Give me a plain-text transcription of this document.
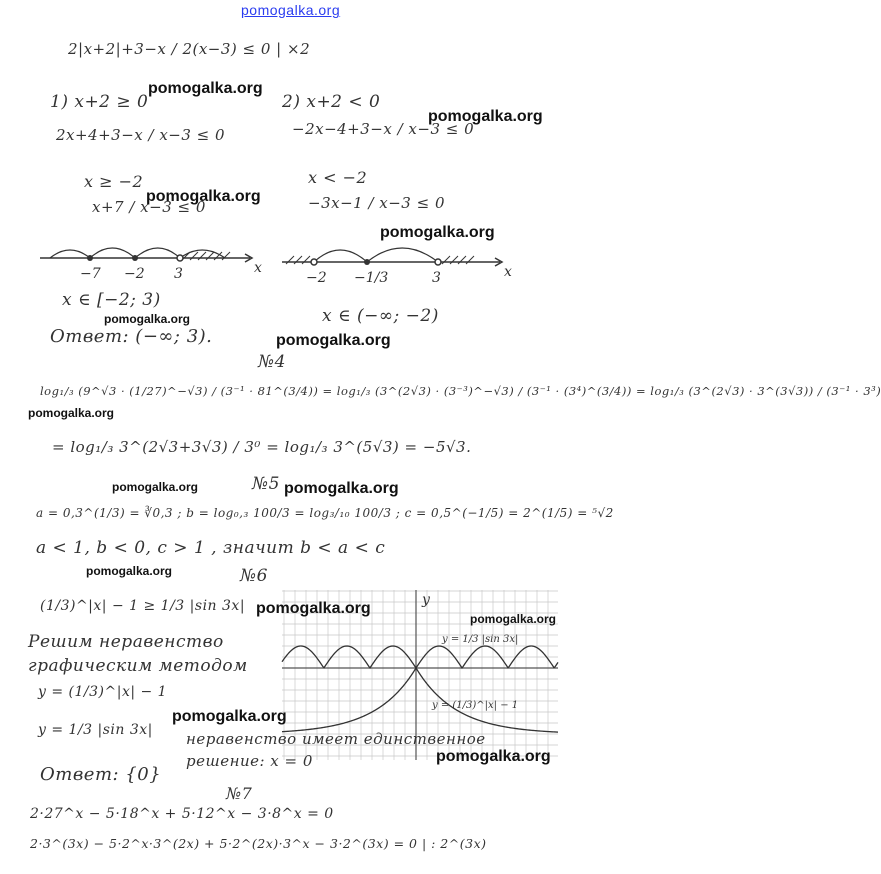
pomogalka.org
2|x+2|+3−x / 2(x−3) ≤ 0 | ×2
1) x+2 ≥ 0	2) x+2 < 0
2x+4+3−x / x−3 ≤ 0	−2x−4+3−x / x−3 ≤ 0
x ≥ −2	x < −2
x+7 / x−3 ≤ 0	−3x−1 / x−3 ≤ 0
−7 −2 3	x
−2 −1/3	3	x
x ∈ [−2; 3)
x ∈ (−∞; −2)
Ответ: (−∞; 3).
№4
log₁/₃ (9^√3 · (1/27)^−√3) / (3⁻¹ · 81^(3/4)) = log₁/₃ (3^(2√3) · (3⁻³)^−√3) / (3⁻¹ · (3⁴)^(3/4)) = log₁/₃ (3^(2√3) · 3^(3√3)) / (3⁻¹ · 3³)
= log₁/₃ 3^(2√3+3√3) / 3⁰ = log₁/₃ 3^(5√3) = −5√3.
№5
a = 0,3^(1/3) = ∛0,3 ; b = log₀,₃ 100/3 = log₃/₁₀ 100/3 ; c = 0,5^(−1/5) = 2^(1/5) = ⁵√2
a < 1, b < 0, c > 1 , значит b < a < c
№6
(1/3)^|x| − 1 ≥ 1/3 |sin 3x|
Решим неравенство
графическим методом
y = (1/3)^|x| − 1
y = 1/3 |sin 3x|
y
y = 1/3 |sin 3x|
y = (1/3)^|x| − 1
неравенство имеет единственное
решение: x = 0
Ответ: {0}
№7
2·27^x − 5·18^x + 5·12^x − 3·8^x = 0
2·3^(3x) − 5·2^x·3^(2x) + 5·2^(2x)·3^x − 3·2^(3x) = 0 | : 2^(3x)
pomogalka.org
pomogalka.org
pomogalka.org
pomogalka.org
pomogalka.org
pomogalka.org
pomogalka.org
pomogalka.org	pomogalka.org
pomogalka.org
pomogalka.org
pomogalka.org
pomogalka.org
pomogalka.org
